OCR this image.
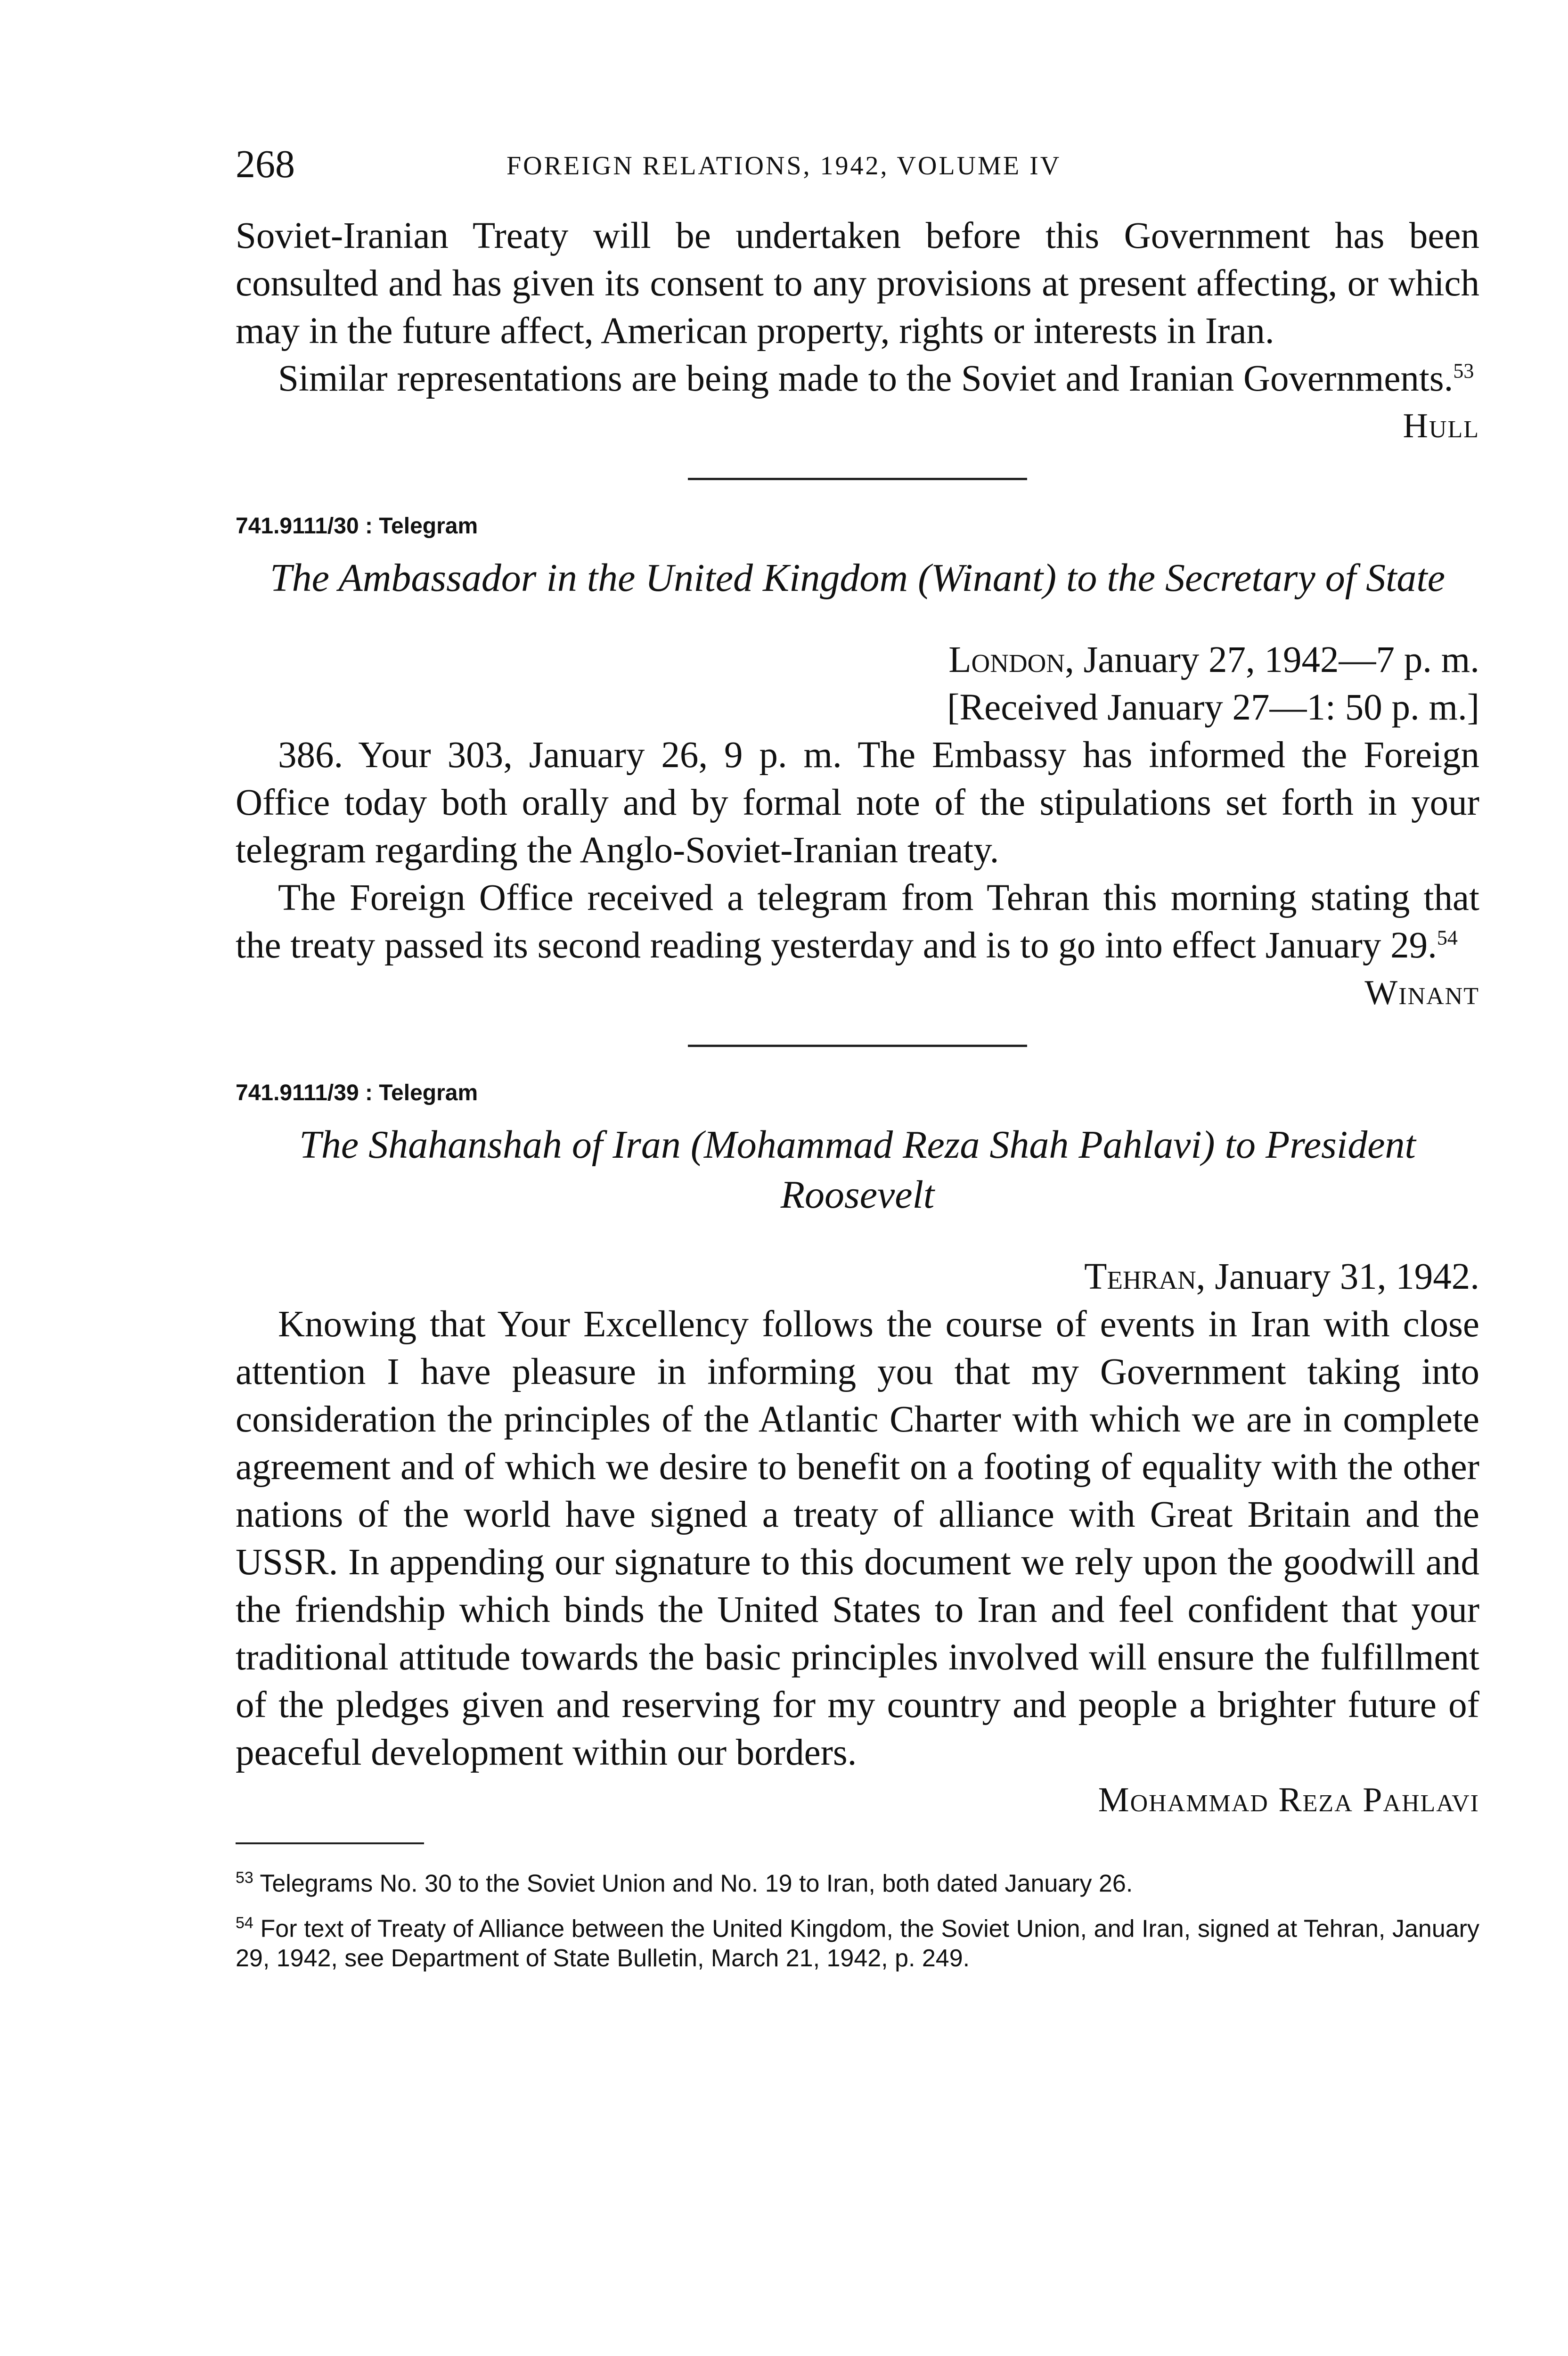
268	FOREIGN RELATIONS, 1942, VOLUME IV

Soviet-Iranian Treaty will be undertaken before this Government has been consulted and has given its consent to any provisions at present affecting, or which may in the future affect, American property, rights or interests in Iran.

Similar representations are being made to the Soviet and Iranian Governments.$^{53}$

Hull
741.9111/30 : Telegram
The Ambassador in the United Kingdom (Winant) to the Secretary of State
London, January 27, 1942—7 p. m.
[Received January 27—1: 50 p. m.]

386. Your 303, January 26, 9 p. m. The Embassy has informed the Foreign Office today both orally and by formal note of the stipulations set forth in your telegram regarding the Anglo-Soviet-Iranian treaty.

The Foreign Office received a telegram from Tehran this morning stating that the treaty passed its second reading yesterday and is to go into effect January 29.54

Winant
741.9111/39 : Telegram
The Shahanshah of Iran (Mohammad Reza Shah Pahlavi) to President Roosevelt
Tehran, January 31, 1942.

Knowing that Your Excellency follows the course of events in Iran with close attention I have pleasure in informing you that my Government taking into consideration the principles of the Atlantic Charter with which we are in complete agreement and of which we desire to benefit on a footing of equality with the other nations of the world have signed a treaty of alliance with Great Britain and the USSR. In appending our signature to this document we rely upon the goodwill and the friendship which binds the United States to Iran and feel confident that your traditional attitude towards the basic principles involved will ensure the fulfillment of the pledges given and reserving for my country and people a brighter future of peaceful development within our borders.

Mohammad Reza Pahlavi

$^{53}$ Telegrams No. 30 to the Soviet Union and No. 19 to Iran, both dated January 26.

$^{54}$ For text of Treaty of Alliance between the United Kingdom, the Soviet Union, and Iran, signed at Tehran, January 29, 1942, see Department of State Bulletin, March 21, 1942, p. 249.
